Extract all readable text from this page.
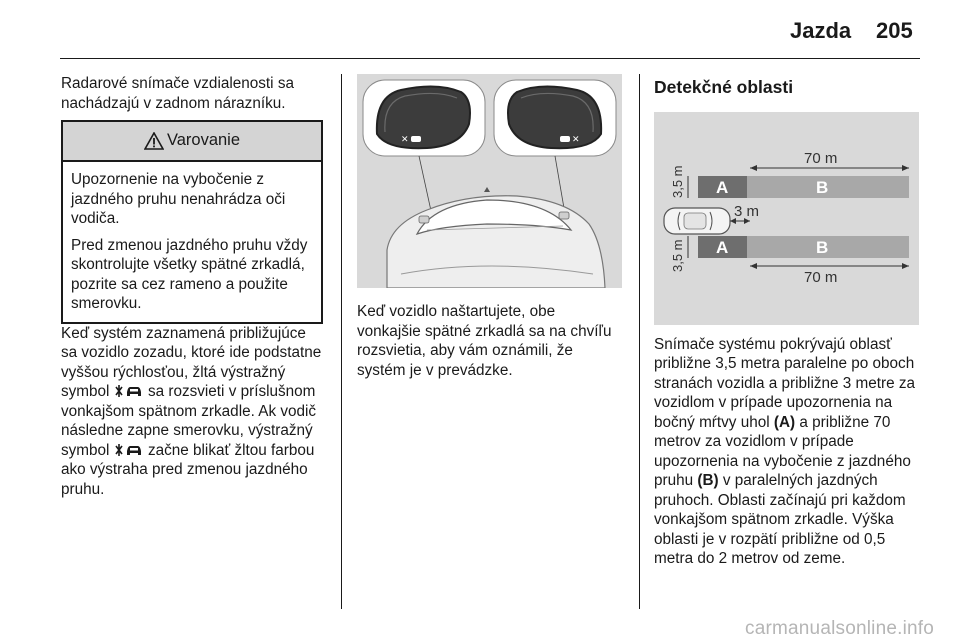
Jazda 205

Radarové snímače vzdialenosti sa nachádzajú v zadnom nárazníku.

Varovanie

Upozornenie na vybočenie z jazdného pruhu nenahrádza oči vodiča.

Pred zmenou jazdného pruhu vždy skontrolujte všetky spätné zrkadlá, pozrite sa cez rameno a použite smerovku.

Keď systém zaznamená približujúce sa vozidlo zozadu, ktoré ide podstatne vyššou rýchlosťou, žltá výstražný symbol  sa rozsvieti v príslušnom vonkajšom spätnom zrkadle. Ak vodič následne zapne smerovku, výstražný symbol  začne blikať žltou farbou ako výstraha pred zmenou jazdného pruhu.

✕	✕

Keď vozidlo naštartujete, obe vonkajšie spätné zrkadlá sa na chvíľu rozsvietia, aby vám oznámili, že systém je v prevádzke.

Detekčné oblasti
70 m
A	B
3,5 m
3 m
A	B
3,5 m
70 m

Snímače systému pokrývajú oblasť približne 3,5 metra paralelne po oboch stranách vozidla a približne 3 metre za vozidlom v prípade upozornenia na bočný mŕtvy uhol (A) a približne 70 metrov za vozidlom v prípade upozornenia na vybočenie z jazdného pruhu (B) v paralelných jazdných pruhoch. Oblasti začínajú pri každom vonkajšom spätnom zrkadle. Výška oblasti je v rozpätí približne od 0,5 metra do 2 metrov od zeme.

carmanualsonline.info
